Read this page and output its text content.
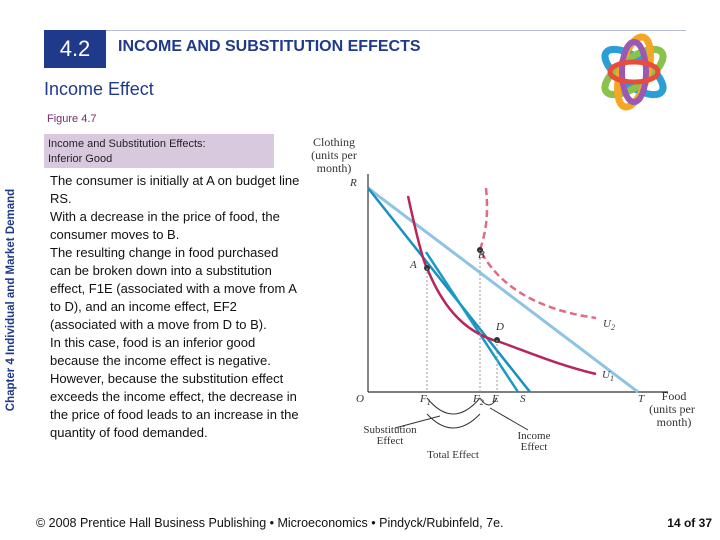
Chapter 4 Individual and Market Demand
4.2 INCOME AND SUBSTITUTION EFFECTS
Income Effect
Figure 4.7
Income and Substitution Effects:
Inferior Good
The consumer is initially at A on budget line RS.
With a decrease in the price of food, the consumer moves to B.
The resulting change in food purchased can be broken down into a substitution effect, F1E (associated with a move from A to D), and an income effect, EF2 (associated with a move from D to B).
In this case, food is an inferior good because the income effect is negative.
However, because the substitution effect exceeds the income effect, the decrease in the price of food leads to an increase in the quantity of food demanded.
Clothing
(units per
month)
R
A
B
D	$U_2$
$U_1$
O	$F_1$	$F_2$ E S	T Food
(units per
month)
Substitution
Effect	Income
Effect
Total Effect
© 2008 Prentice Hall Business Publishing • Microeconomics • Pindyck/Rubinfeld, 7e.	14 of 37
